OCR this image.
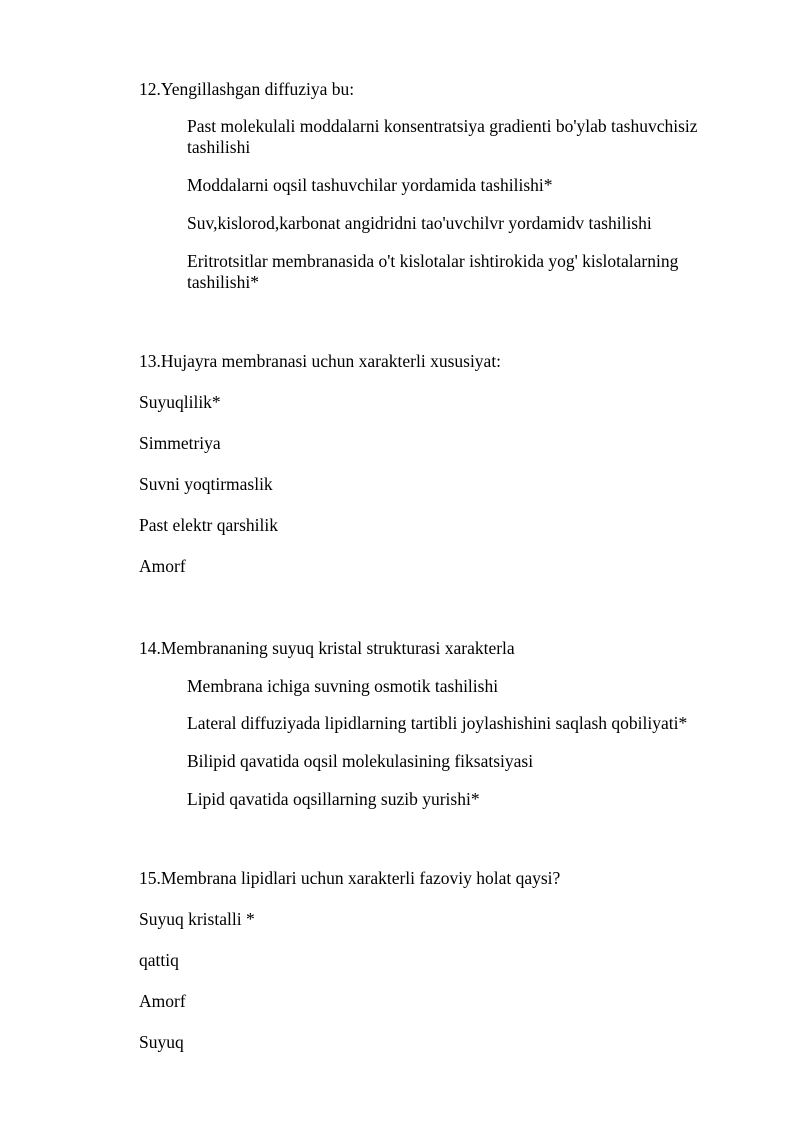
12.Yengillashgan diffuziya bu:
Past molekulali moddalarni konsentratsiya gradienti bo'ylab tashuvchisiz tashilishi
Moddalarni oqsil tashuvchilar yordamida tashilishi*
Suv,kislorod,karbonat angidridni tao'uvchilvr yordamidv tashilishi
Eritrotsitlar membranasida o't kislotalar ishtirokida yog' kislotalarning tashilishi*
13.Hujayra membranasi uchun xarakterli xususiyat:
Suyuqlilik*
Simmetriya
Suvni yoqtirmaslik
Past elektr qarshilik
Amorf
14.Membrananing suyuq kristal strukturasi xarakterla
Membrana ichiga suvning osmotik tashilishi
Lateral diffuziyada lipidlarning tartibli joylashishini saqlash qobiliyati*
Bilipid qavatida oqsil molekulasining fiksatsiyasi
Lipid qavatida oqsillarning suzib yurishi*
15.Membrana lipidlari uchun xarakterli fazoviy holat qaysi?
Suyuq kristalli *
qattiq
Amorf
Suyuq
